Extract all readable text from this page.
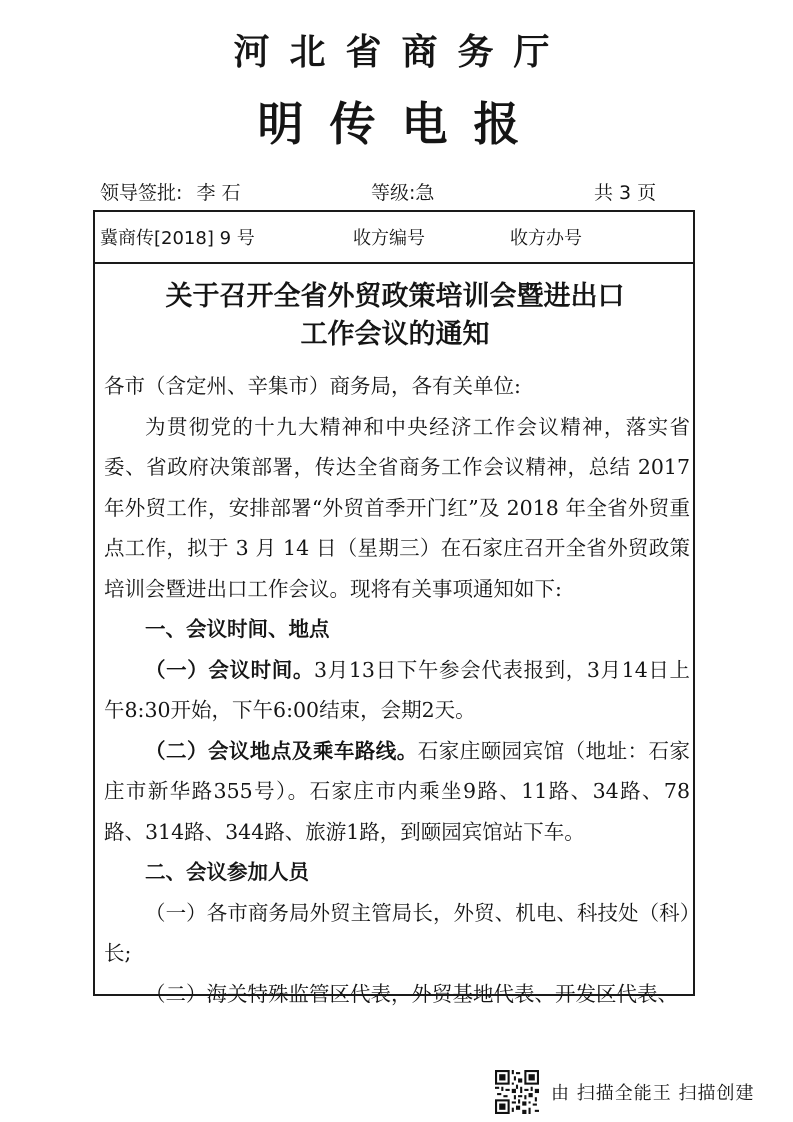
河北省商务厅
明传电报
领导签批: 李石	等级:急	共 3 页
冀商传[2018] 9 号	收方编号	收方办号
关于召开全省外贸政策培训会暨进出口
工作会议的通知

各市（含定州、辛集市）商务局，各有关单位:

为贯彻党的十九大精神和中央经济工作会议精神，落实省委、省政府决策部署，传达全省商务工作会议精神，总结 2017 年外贸工作，安排部署“外贸首季开门红”及 2018 年全省外贸重点工作，拟于 3 月 14 日（星期三）在石家庄召开全省外贸政策培训会暨进出口工作会议。现将有关事项通知如下:

一、会议时间、地点

（一）会议时间。3月13日下午参会代表报到，3月14日上午8:30开始，下午6:00结束，会期2天。

（二）会议地点及乘车路线。石家庄颐园宾馆（地址：石家庄市新华路355号）。石家庄市内乘坐9路、11路、34路、78路、314路、344路、旅游1路，到颐园宾馆站下车。

二、会议参加人员

（一）各市商务局外贸主管局长，外贸、机电、科技处（科）长;

（二）海关特殊监管区代表，外贸基地代表、开发区代表、

由 扫描全能王 扫描创建
